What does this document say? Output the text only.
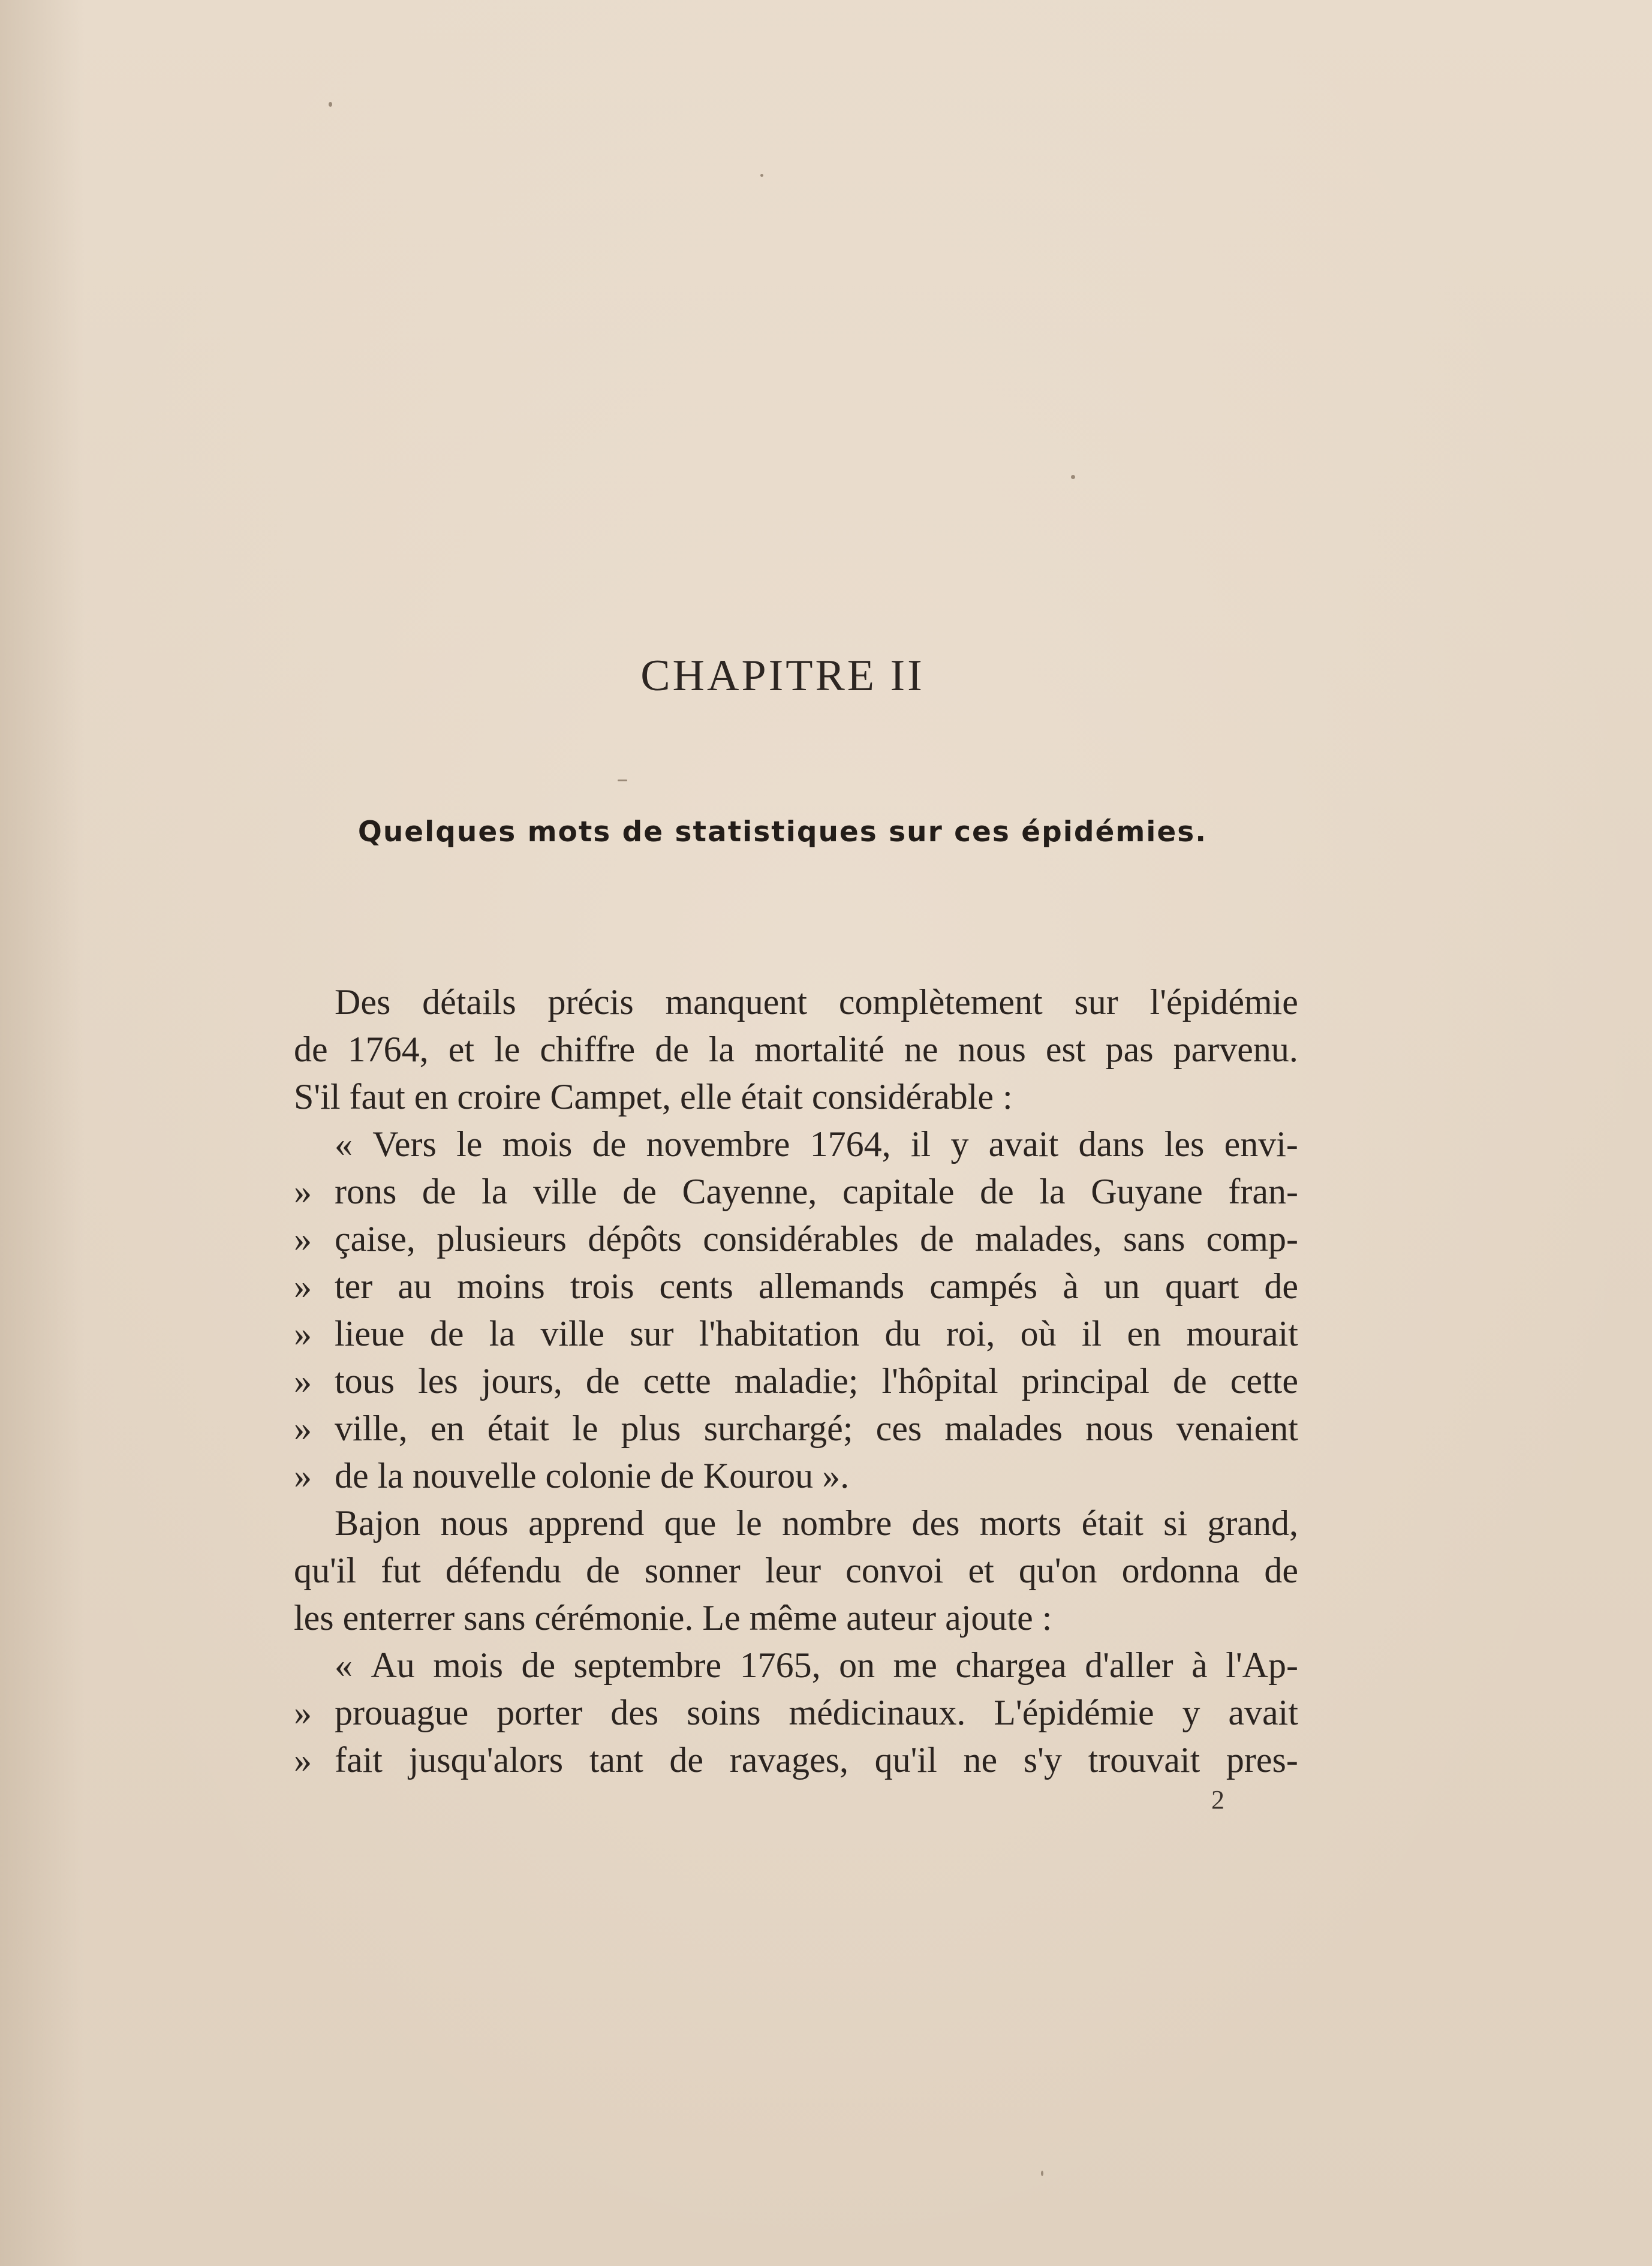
CHAPITRE II
Quelques mots de statistiques sur ces épidémies.
Des détails précis manquent complètement sur l'épidémie
de 1764, et le chiffre de la mortalité ne nous est pas parvenu.
S'il faut en croire Campet, elle était considérable :
« Vers le mois de novembre 1764, il y avait dans les envi-
» rons de la ville de Cayenne, capitale de la Guyane fran-
» çaise, plusieurs dépôts considérables de malades, sans comp-
» ter au moins trois cents allemands campés à un quart de
» lieue de la ville sur l'habitation du roi, où il en mourait
» tous les jours, de cette maladie; l'hôpital principal de cette
» ville, en était le plus surchargé; ces malades nous venaient
» de la nouvelle colonie de Kourou ».
Bajon nous apprend que le nombre des morts était si grand,
qu'il fut défendu de sonner leur convoi et qu'on ordonna de
les enterrer sans cérémonie. Le même auteur ajoute :
« Au mois de septembre 1765, on me chargea d'aller à l'Ap-
» prouague porter des soins médicinaux. L'épidémie y avait
» fait jusqu'alors tant de ravages, qu'il ne s'y trouvait pres-
2
